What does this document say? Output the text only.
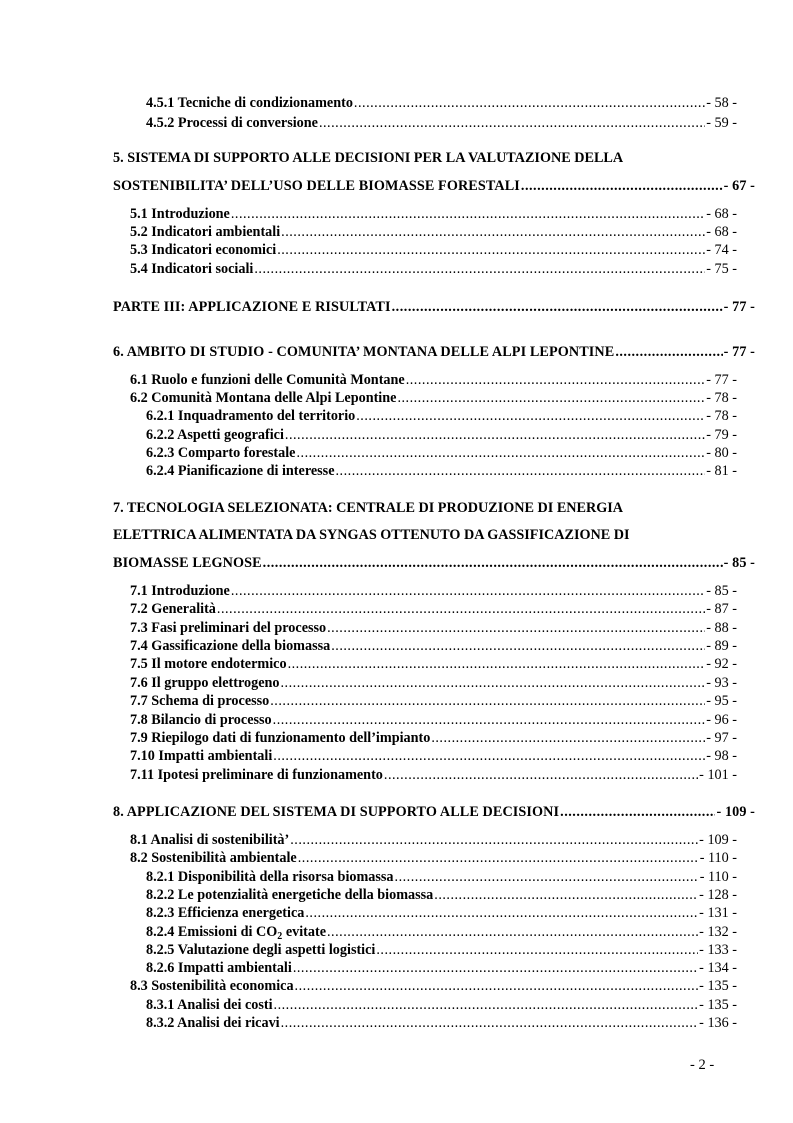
4.5.1 Tecniche di condizionamento .....	- 58 -
4.5.2 Processi di conversione .....	- 59 -
5. SISTEMA DI SUPPORTO ALLE DECISIONI PER LA VALUTAZIONE DELLA
SOSTENIBILITA’ DELL’USO DELLE BIOMASSE FORESTALI .....	- 67 -
5.1 Introduzione .....	- 68 -
5.2 Indicatori ambientali .....	- 68 -
5.3 Indicatori economici .....	- 74 -
5.4 Indicatori sociali .....	- 75 -
PARTE III: APPLICAZIONE E RISULTATI .....	- 77 -
6. AMBITO DI STUDIO - COMUNITA’ MONTANA DELLE ALPI LEPONTINE .....	- 77 -
6.1 Ruolo e funzioni delle Comunità Montane .....	- 77 -
6.2 Comunità Montana delle Alpi Lepontine .....	- 78 -
6.2.1 Inquadramento del territorio .....	- 78 -
6.2.2 Aspetti geografici .....	- 79 -
6.2.3 Comparto forestale .....	- 80 -
6.2.4 Pianificazione di interesse .....	- 81 -
7. TECNOLOGIA SELEZIONATA: CENTRALE DI PRODUZIONE DI ENERGIA
ELETTRICA ALIMENTATA DA SYNGAS OTTENUTO DA GASSIFICAZIONE DI
BIOMASSE LEGNOSE .....	- 85 -
7.1 Introduzione .....	- 85 -
7.2 Generalità .....	- 87 -
7.3 Fasi preliminari del processo .....	- 88 -
7.4 Gassificazione della biomassa .....	- 89 -
7.5 Il motore endotermico .....	- 92 -
7.6 Il gruppo elettrogeno .....	- 93 -
7.7 Schema di processo .....	- 95 -
7.8 Bilancio di processo .....	- 96 -
7.9 Riepilogo dati di funzionamento dell’impianto .....	- 97 -
7.10 Impatti ambientali .....	- 98 -
7.11 Ipotesi preliminare di funzionamento .....	- 101 -
8. APPLICAZIONE DEL SISTEMA DI SUPPORTO ALLE DECISIONI .....	- 109 -
8.1 Analisi di sostenibilità’ .....	- 109 -
8.2 Sostenibilità ambientale .....	- 110 -
8.2.1 Disponibilità della risorsa biomassa .....	- 110 -
8.2.2 Le potenzialità energetiche della biomassa .....	- 128 -
8.2.3 Efficienza energetica .....	- 131 -
8.2.4 Emissioni di $CO_2$ evitate .....	- 132 -
8.2.5 Valutazione degli aspetti logistici .....	- 133 -
8.2.6 Impatti ambientali .....	- 134 -
8.3 Sostenibilità economica .....	- 135 -
8.3.1 Analisi dei costi .....	- 135 -
8.3.2 Analisi dei ricavi .....	- 136 -
- 2 -
